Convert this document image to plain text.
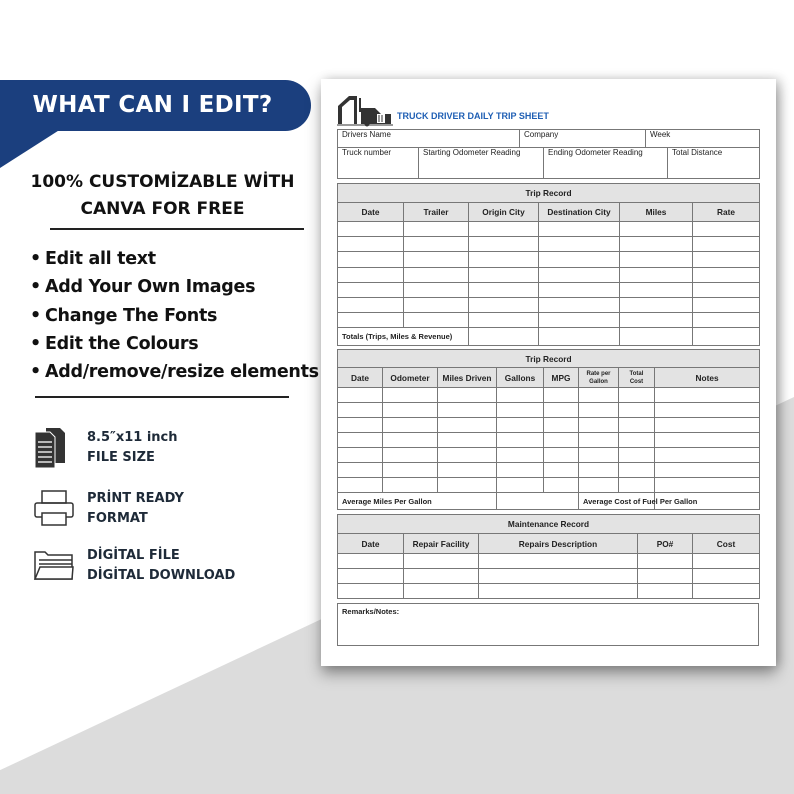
WHAT CAN I EDIT?
100% CUSTOMİZABLE WİTH
CANVA FOR FREE
• Edit all text
• Add Your Own Images
• Change The Fonts
• Edit the Colours
• Add/remove/resize elements
8.5″x11 inch
FILE SIZE
PRİNT READY
FORMAT
DİGİTAL FİLE
DİGİTAL DOWNLOAD
TRUCK DRIVER DAILY TRIP SHEET
Drivers Name		Company		Week	
Truck number	Starting Odometer Reading		Ending Odometer Reading		Total Distance
Trip Record					
Date	Trailer	Origin City	Destination City	Miles	Rate

Totals (Trips, Miles & Revenue)					
Trip Record							
Date	Odometer	Miles Driven	Gallons	MPG	Rate per Gallon	Total Cost	Notes

Average Miles Per Gallon					Average Cost of Fuel Per Gallon		
Maintenance Record				
Date	Repair Facility	Repairs Description	PO#	Cost

Remarks/Notes:
